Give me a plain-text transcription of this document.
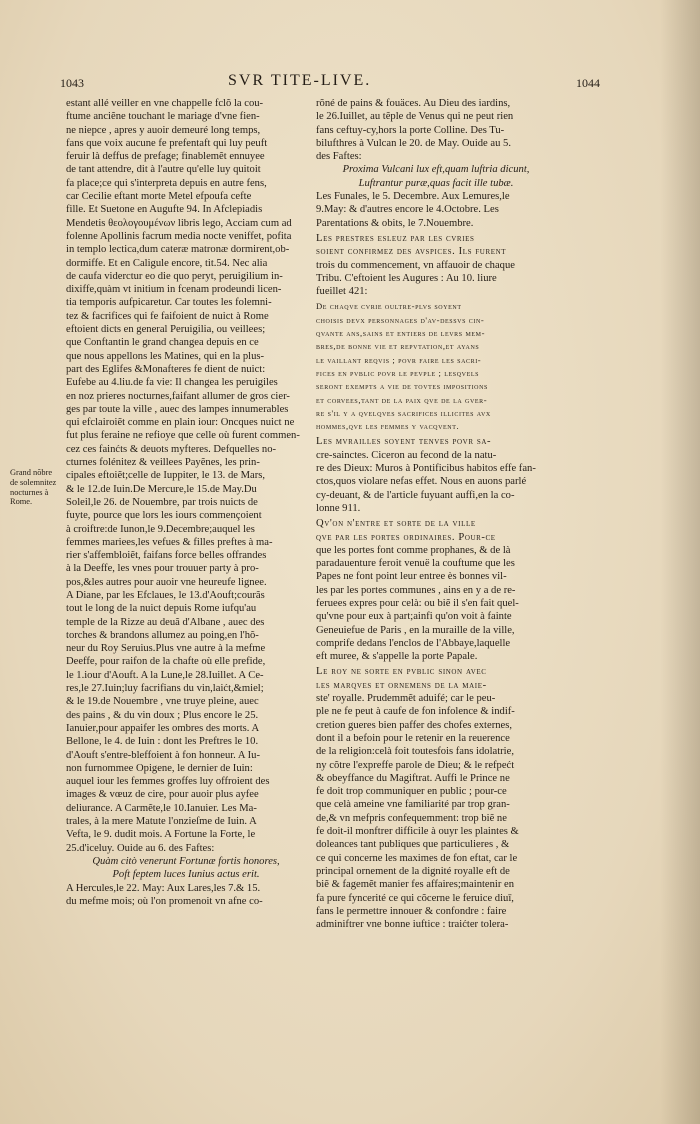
1043	SVR TITE-LIVE.	1044
Grand nõbre de solemnitez nocturnes à Rome.
estant allé veiller en vne chappelle fclõ la cou-
ftume anciẽne touchant le mariage d'vne fien-
ne niepce , apres y auoir demeuré long temps,
fans que voix aucune fe prefentaft qui luy peuft
feruir là deffus de prefage; finablemẽt ennuyee
de tant attendre, dit à l'autre qu'elle luy quitoit
fa place;ce qui s'interpreta depuis en autre fens,
car Cecilie eftant morte Metel efpoufa cefte
fille. Et Suetone en Augufte 94. In Afclepiadis
Mendetis θεολογουμένων libris lego, Acciam cum ad
folenne Apollinis facrum media nocte veniffet, pofita
in templo lectica,dum cateræ matronæ dormirent,ob-
dormiffe. Et en Caligule encore, tit.54. Nec alia
de caufa viderctur eo die quo peryt, peruigilium in-
dixiffe,quàm vt initium in fcenam prodeundi licen-
tia temporis aufpicaretur. Car toutes les folemni-
tez & facrifices qui fe faifoient de nuict à Rome
eftoient dicts en general Peruigilia, ou veillees;
que Conftantin le grand changea depuis en ce
que nous appellons les Matines, qui en la plus-
part des Eglifes &Monafteres fe dient de nuict:
Eufebe au 4.liu.de fa vie: Il changea les peruigiles
en noz prieres nocturnes,faifant allumer de gros cier-
ges par toute la ville , auec des lampes innumerables
qui efclairoiẽt comme en plain iour: Oncques nuict ne
fut plus feraine ne refioye que celle où furent commen-
cez ces fainćts & deuots myfteres. Defquelles no-
cturnes folénitez & veillees Payẽnes, les prin-
cipales eftoiẽt;celle de Iuppiter, le 13. de Mars,
& le 12.de Iuin.De Mercure,le 15.de May.Du
Soleil,le 26. de Nouembre, par trois nuicts de
fuyte, pource que lors les iours commençoient
à croiftre:de Iunon,le 9.Decembre;auquel les
femmes mariees,les vefues & filles preftes à ma-
rier s'affembloiẽt, faifans force belles offrandes
à la Deeffe, les vnes pour trouuer party à pro-
pos,&les autres pour auoir vne heureufe lignee.
A Diane, par les Efclaues, le 13.d'Aouft;courãs
tout le long de la nuict depuis Rome iufqu'au
temple de la Rizze au deuã d'Albane , auec des
torches & brandons allumez au poing,en l'hõ-
neur du Roy Seruius.Plus vne autre à la mefme
Deeffe, pour raifon de la chafte où elle prefide,
le 1.iour d'Aouft. A la Lune,le 28.Iuillet. A Ce-
res,le 27.Iuin;luy facrifians du vin,laićt,&miel;
& le 19.de Nouembre , vne truye pleine, auec
des pains , & du vin doux ; Plus encore le 25.
Ianuier,pour appaifer les ombres des morts. A
Bellone, le 4. de Iuin : dont les Preftres le 10.
d'Aouft s'entre-bleffoient à fon honneur. A Iu-
non furnommee Opigene, le dernier de Iuin:
auquel iour les femmes groffes luy offroient des
images & vœuz de cire, pour auoir plus ayfee
deliurance. A Carmẽte,le 10.Ianuier. Les Ma-
trales, à la mere Matute l'onzieſme de Iuin. A
Vefta, le 9. dudit mois. A Fortune la Forte, le
25.d'iceluy. Ouide au 6. des Faftes:
Quàm citò venerunt Fortunæ fortis honores,
Poft feptem luces Iunius actus erit.
A Hercules,le 22. May: Aux Lares,les 7.& 15.
du mefme mois; où l'on promenoit vn afne co-
rõné de pains & fouäces. Au Dieu des iardins,
le 26.Iuillet, au tẽple de Venus qui ne peut rien
fans ceftuy-cy,hors la porte Colline. Des Tu-
bilufthres à Vulcan le 20. de May. Ouide au 5.
des Faftes:
Proxima Vulcani lux eft,quam luftria dicunt,
Luftrantur puræ,quas facit ille tubæ.
Les Funales, le 5. Decembre. Aux Lemures,le
9.May: & d'autres encore le 4.Octobre. Les
Parentations & obits, le 7.Nouembre.
Les prestres esleuz par les cvries
soient confirmez des avspices. Ils furent
trois du commencement, vn affauoir de chaque
Tribu. C'eftoient les Augures : Au 10. liure
fueillet 421:
De chaqve cvrie oultre-plvs soyent
choisis devx personnages d'av-dessvs cin-
qvante ans,sains et entiers de levrs mem-
bres,de bonne vie et repvtation,et ayans
le vaillant reqvis ; povr faire les sacri-
fices en pvblic povr le pevple ; lesqvels
seront exempts a vie de tovtes impositions
et corvees,tant de la paix qve de la gver-
re s'il y a qvelqves sacrifices illicites avx
hommes,qve les femmes y vacqvent.
Les mvrailles soyent tenves povr sa-
cre-sainctes. Ciceron au fecond de la natu-
re des Dieux: Muros à Pontificibus habitos effe fan-
ctos,quos violare nefas effet. Nous en auons parlé
cy-deuant, & de l'article fuyuant auffi,en la co-
lonne 911.
Qv'on n'entre et sorte de la ville
qve par les portes ordinaires. Pour-ce
que les portes font comme prophanes, & de là
paradauenture feroit venuë la couftume que les
Papes ne font point leur entree ès bonnes vil-
les par les portes communes , ains en y a de re-
feruees expres pour celà: ou biẽ il s'en fait quel-
qu'vne pour eux à part;ainfi qu'on voit à fainte
Geneuiefue de Paris , en la muraille de la ville,
comprife dedans l'enclos de l'Abbaye,laquelle
eft muree, & s'appelle la porte Papale.
Le roy ne sorte en pvblic sinon avec
les marqves et ornemens de la maie-
ste' royalle. Prudemmẽt aduifé; car le peu-
ple ne fe peut à caufe de fon infolence & indif-
cretion gueres bien paffer des chofes externes,
dont il a befoin pour le retenir en la reuerence
de la religion:celà foit toutesfois fans idolatrie,
ny cõtre l'expreffe parole de Dieu; & le refpećt
& obeyffance du Magiftrat. Auffi le Prince ne
fe doit trop communiquer en public ; pour-ce
que celà ameine vne familiarité par trop gran-
de,& vn mefpris confequemment: trop biẽ ne
fe doit-il monftrer difficile à ouyr les plaintes &
doleances tant publiques que particulieres , &
ce qui concerne les maximes de fon eftat, car le
principal ornement de la dignité royalle eft de
biẽ & fagemẽt manier fes affaires;maintenir en
fa pure fyncerité ce qui cõcerne le feruice diuī,
fans le permettre innouer & confondre : faire
adminiftrer vne bonne iuftice : traićter tolera-
